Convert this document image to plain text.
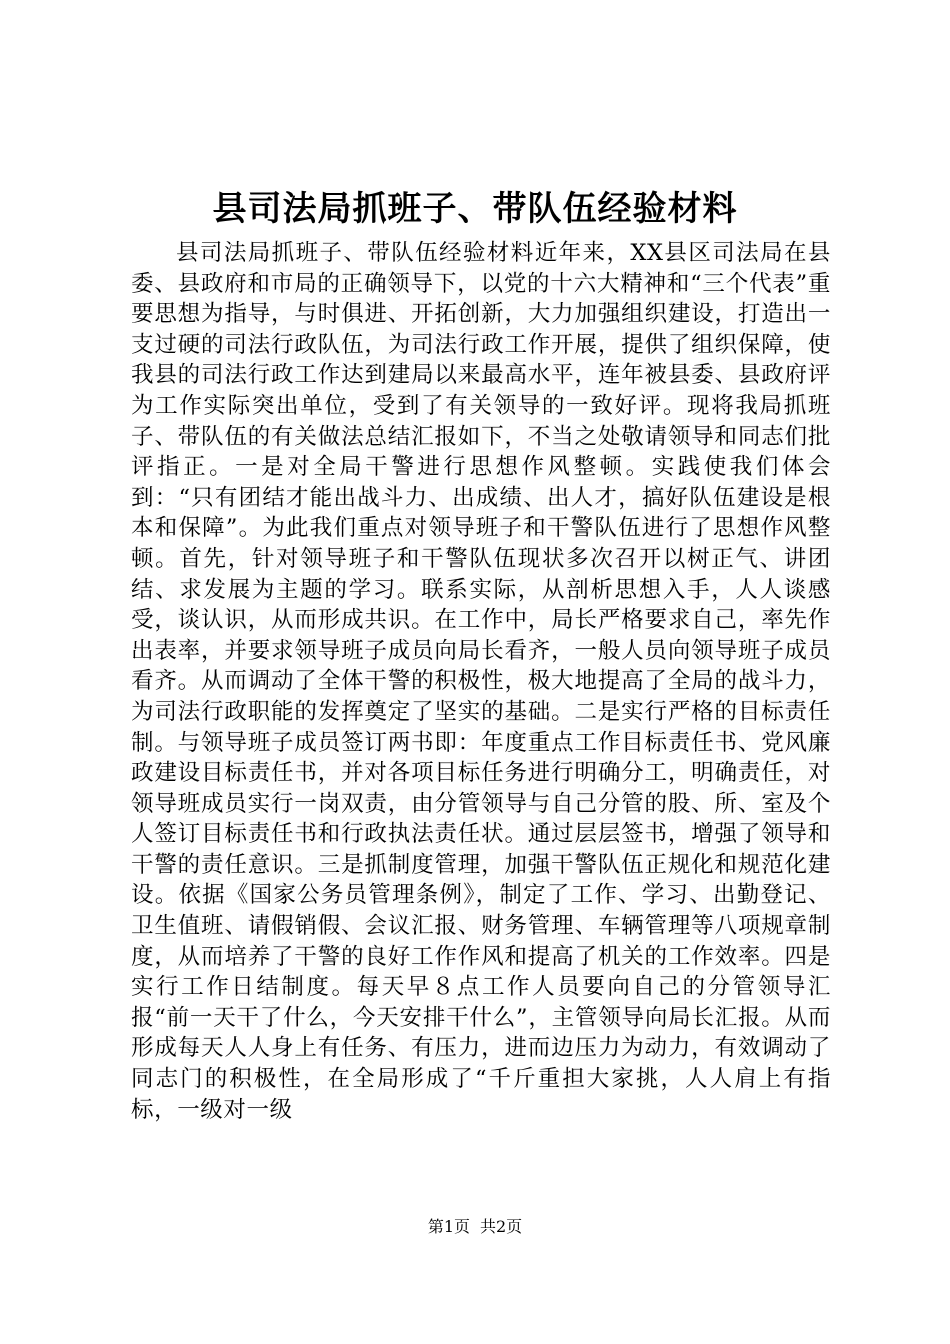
县司法局抓班子、带队伍经验材料

县司法局抓班子、带队伍经验材料近年来，XX县区司法局在县委、县政府和市局的正确领导下，以党的十六大精神和“三个代表”重要思想为指导，与时俱进、开拓创新，大力加强组织建设，打造出一支过硬的司法行政队伍，为司法行政工作开展，提供了组织保障，使我县的司法行政工作达到建局以来最高水平，连年被县委、县政府评为工作实际突出单位，受到了有关领导的一致好评。现将我局抓班子、带队伍的有关做法总结汇报如下，不当之处敬请领导和同志们批评指正。一是对全局干警进行思想作风整顿。实践使我们体会到：“只有团结才能出战斗力、出成绩、出人才，搞好队伍建设是根本和保障”。为此我们重点对领导班子和干警队伍进行了思想作风整顿。首先，针对领导班子和干警队伍现状多次召开以树正气、讲团结、求发展为主题的学习。联系实际，从剖析思想入手，人人谈感受，谈认识，从而形成共识。在工作中，局长严格要求自己，率先作出表率，并要求领导班子成员向局长看齐，一般人员向领导班子成员看齐。从而调动了全体干警的积极性，极大地提高了全局的战斗力，为司法行政职能的发挥奠定了坚实的基础。二是实行严格的目标责任制。与领导班子成员签订两书即：年度重点工作目标责任书、党风廉政建设目标责任书，并对各项目标任务进行明确分工，明确责任，对领导班成员实行一岗双责，由分管领导与自己分管的股、所、室及个人签订目标责任书和行政执法责任状。通过层层签书，增强了领导和干警的责任意识。三是抓制度管理，加强干警队伍正规化和规范化建设。依据《国家公务员管理条例》，制定了工作、学习、出勤登记、卫生值班、请假销假、会议汇报、财务管理、车辆管理等八项规章制度，从而培养了干警的良好工作作风和提高了机关的工作效率。四是实行工作日结制度。每天早８点工作人员要向自己的分管领导汇报“前一天干了什么，今天安排干什么”，主管领导向局长汇报。从而形成每天人人身上有任务、有压力，进而边压力为动力，有效调动了同志门的积极性，在全局形成了“千斤重担大家挑，人人肩上有指标，一级对一级

第1页 共2页
